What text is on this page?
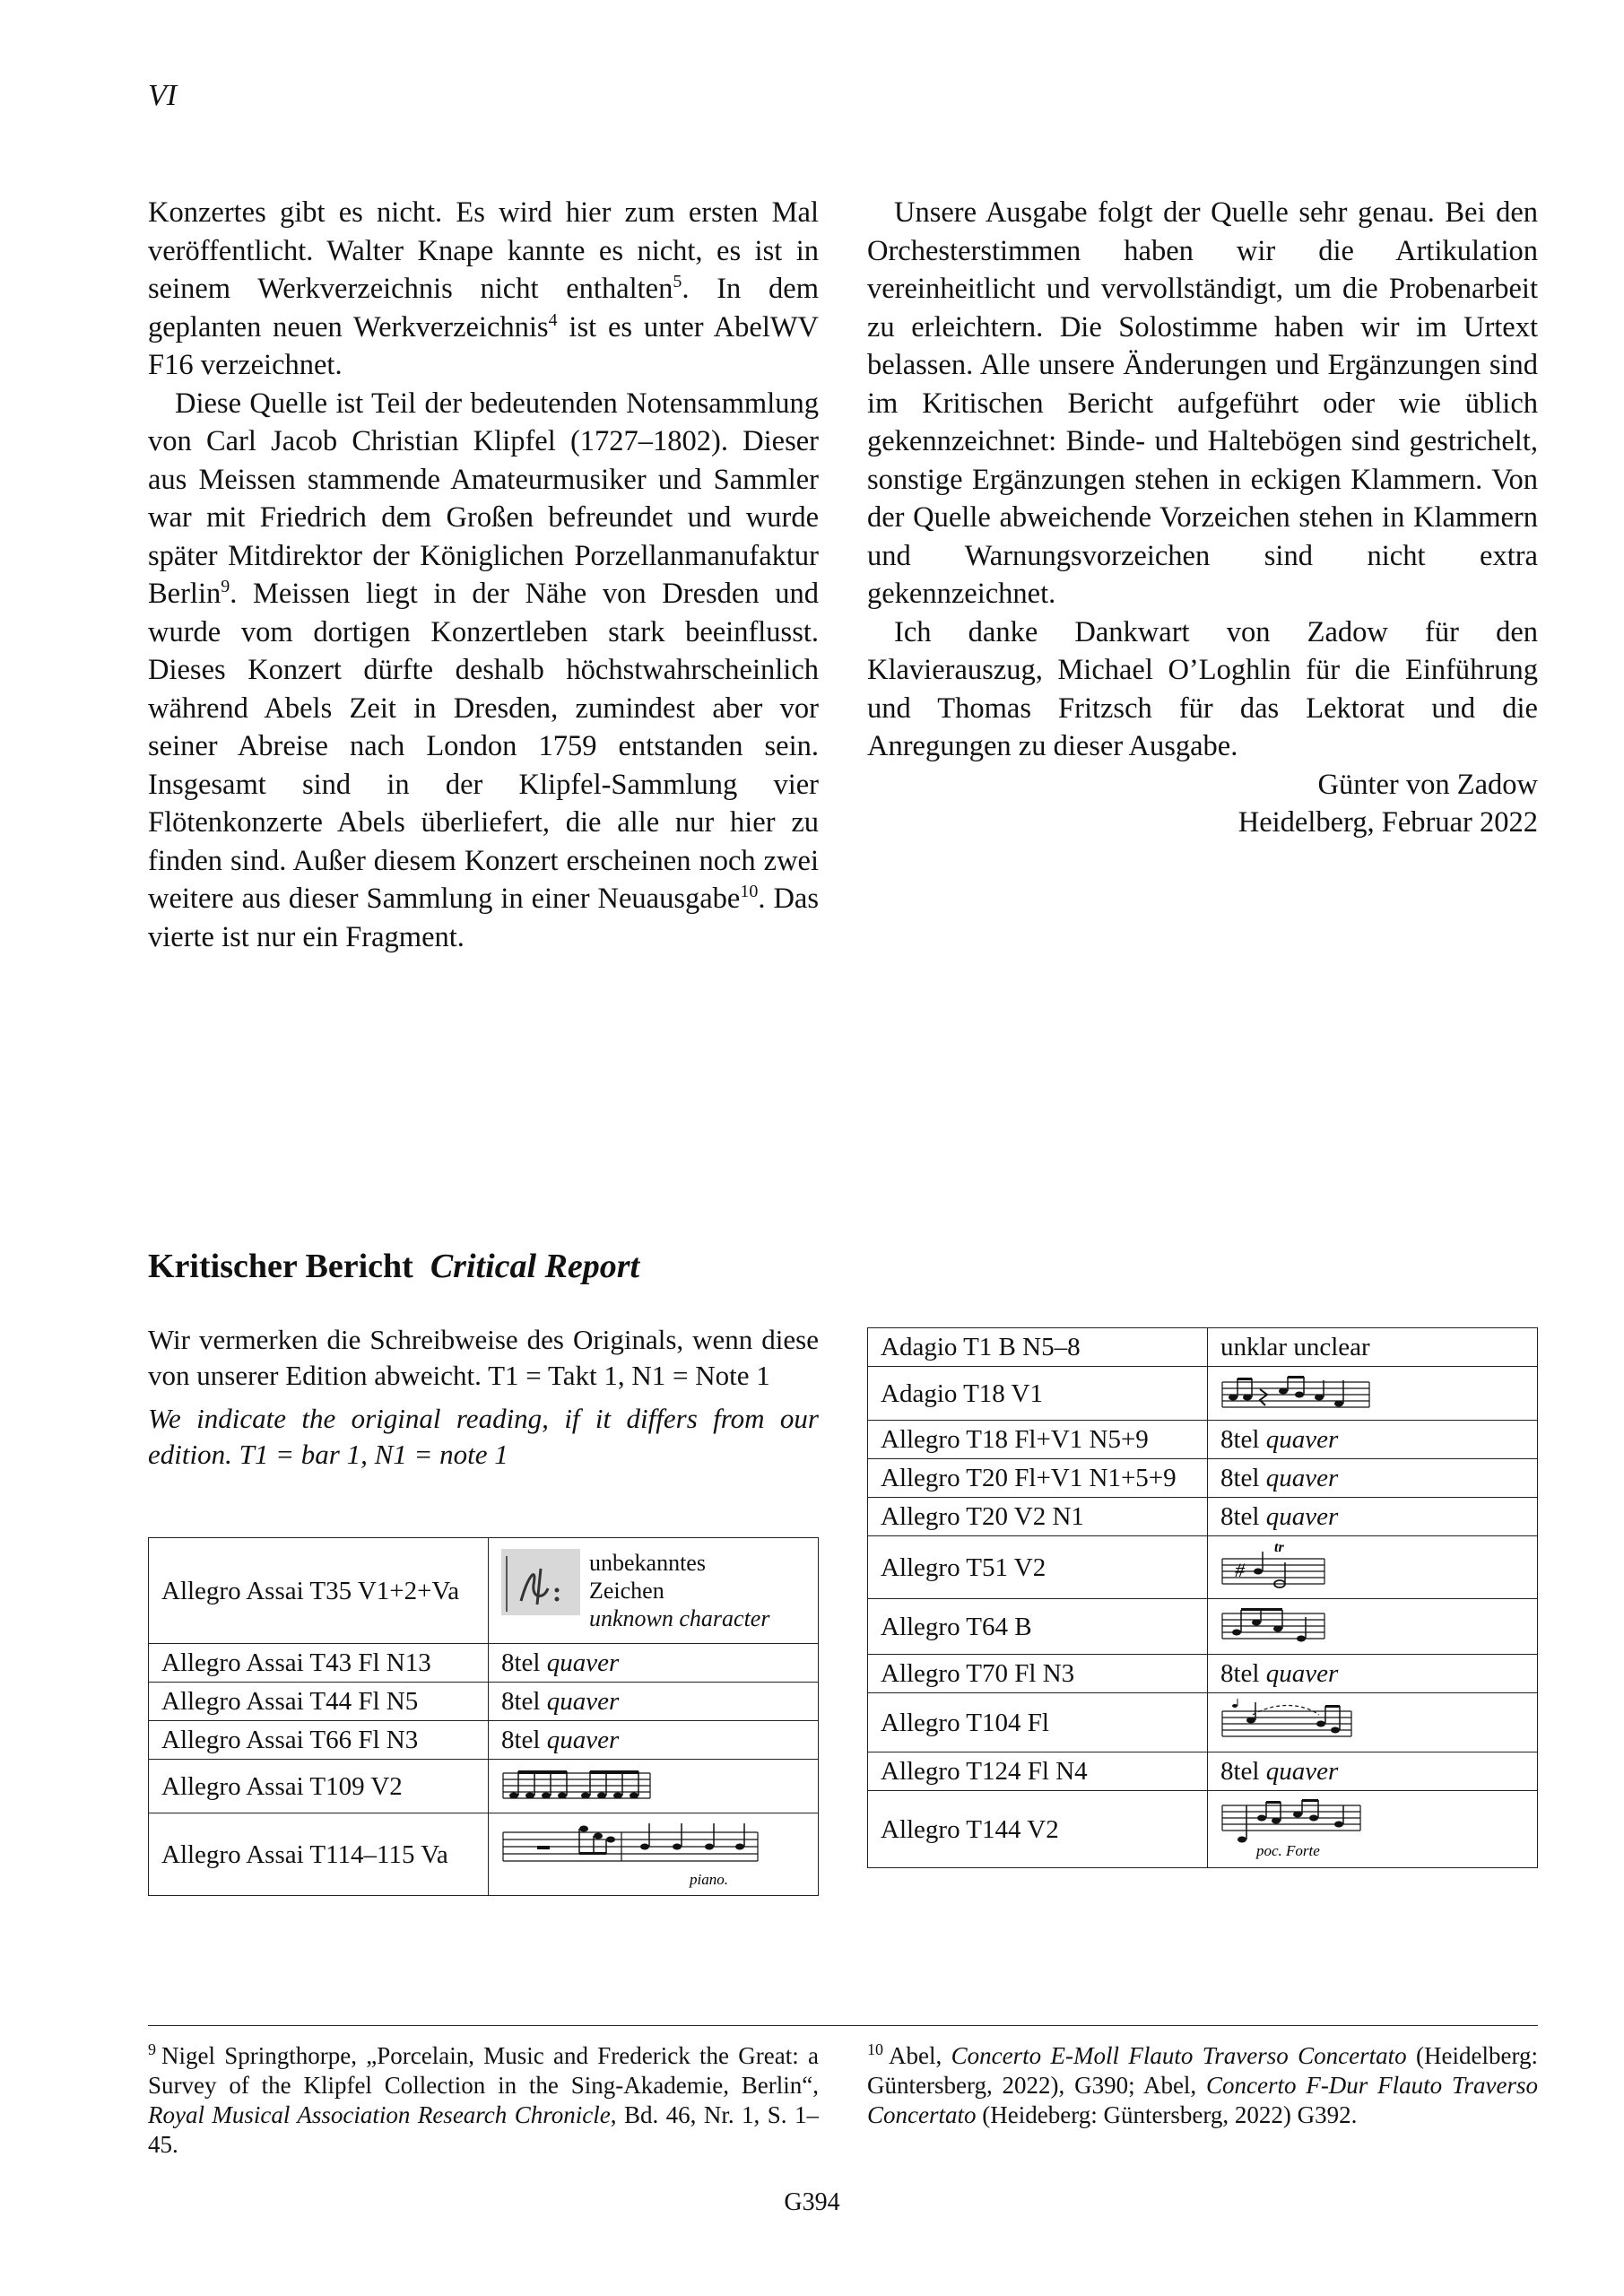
VI

Konzertes gibt es nicht. Es wird hier zum ersten Mal veröffentlicht. Walter Knape kannte es nicht, es ist in seinem Werkverzeichnis nicht enthalten$^5$. In dem geplanten neuen Werkverzeichnis$^4$ ist es unter AbelWV F16 verzeichnet.

Diese Quelle ist Teil der bedeutenden Notensammlung von Carl Jacob Christian Klipfel (1727–1802). Dieser aus Meissen stammende Amateurmusiker und Sammler war mit Friedrich dem Großen befreundet und wurde später Mitdirektor der Königlichen Porzellanmanufaktur Berlin$^9$. Meissen liegt in der Nähe von Dresden und wurde vom dortigen Konzertleben stark beeinflusst. Dieses Konzert dürfte deshalb höchstwahrscheinlich während Abels Zeit in Dresden, zumindest aber vor seiner Abreise nach London 1759 entstanden sein. Insgesamt sind in der Klipfel-Sammlung vier Flötenkonzerte Abels überliefert, die alle nur hier zu finden sind. Außer diesem Konzert erscheinen noch zwei weitere aus dieser Sammlung in einer Neuausgabe$^{10}$. Das vierte ist nur ein Fragment.

Unsere Ausgabe folgt der Quelle sehr genau. Bei den Orchesterstimmen haben wir die Artikulation vereinheitlicht und vervollständigt, um die Probenarbeit zu erleichtern. Die Solostimme haben wir im Urtext belassen. Alle unsere Änderungen und Ergänzungen sind im Kritischen Bericht aufgeführt oder wie üblich gekennzeichnet: Binde- und Haltebögen sind gestrichelt, sonstige Ergänzungen stehen in eckigen Klammern. Von der Quelle abweichende Vorzeichen stehen in Klammern und Warnungsvorzeichen sind nicht extra gekennzeichnet.

Ich danke Dankwart von Zadow für den Klavierauszug, Michael O’Loghlin für die Einführung und Thomas Fritzsch für das Lektorat und die Anregungen zu dieser Ausgabe.

Günter von Zadow
Heidelberg, Februar 2022

Kritischer Bericht Critical Report

Wir vermerken die Schreibweise des Originals, wenn diese von unserer Edition abweicht. T1 = Takt 1, N1 = Note 1

We indicate the original reading, if it differs from our edition. T1 = bar 1, N1 = note 1

Allegro Assai T35 V1+2+Va	unbekanntes
Zeichen
unknown character

Allegro Assai T43 Fl N13	8tel quaver
Allegro Assai T44 Fl N5	8tel quaver
Allegro Assai T66 Fl N3	8tel quaver
Allegro Assai T109 V2	

Allegro Assai T114–115 Va	piano.
Adagio T1 B N5–8	unklar unclear
Adagio T18 V1	

Allegro T18 Fl+V1 N5+9	8tel quaver
Allegro T20 Fl+V1 N1+5+9	8tel quaver
Allegro T20 V2 N1	8tel quaver
Allegro T51 V2	tr
#

Allegro T64 B	

Allegro T70 Fl N3	8tel quaver
Allegro T104 Fl	

Allegro T124 Fl N4	8tel quaver
Allegro T144 V2	poc. Forte
$^9$ Nigel Springthorpe, „Porcelain, Music and Frederick the Great: a Survey of the Klipfel Collection in the Sing-Akademie, Berlin“, Royal Musical Association Research Chronicle, Bd. 46, Nr. 1, S. 1–45.
$^{10}$ Abel, Concerto E-Moll Flauto Traverso Concertato (Heidelberg: Güntersberg, 2022), G390; Abel, Concerto F-Dur Flauto Traverso Concertato (Heideberg: Güntersberg, 2022) G392.
G394
